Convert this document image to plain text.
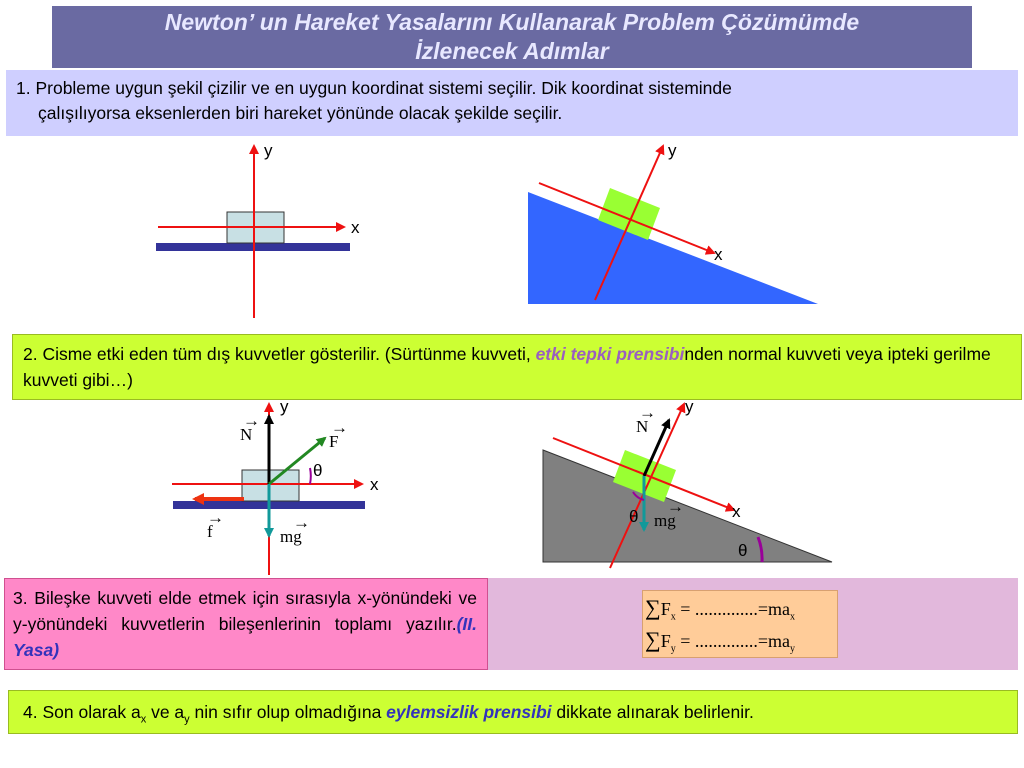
Newton’ un Hareket Yasalarını Kullanarak Problem Çözümümde
İzlenecek Adımlar
1. Probleme uygun şekil çizilir ve en uygun koordinat sistemi seçilir. Dik koordinat sisteminde
çalışılıyorsa eksenlerden biri hareket yönünde olacak şekilde seçilir.
2. Cisme etki eden tüm dış kuvvetler gösterilir. (Sürtünme kuvveti, etki tepki prensibinden normal kuvveti veya ipteki gerilme kuvveti gibi…)
3. Bileşke kuvveti elde etmek için sırasıyla x-yönündeki ve y-yönündeki kuvvetlerin bileşenlerinin toplamı yazılır.(II. Yasa)
$\sum F_x = ..............=ma_x$
$\sum F_y = ..............=ma_y$
4. Son olarak $a_x$ ve $a_y$ nin sıfır olup olmadığına eylemsizlik prensibi dikkate alınarak belirlenir.
y
x
y
x
y
x
N
→
F
→
θ
f
→
mg
→
y
x
N
→
θ mg
→
θ
